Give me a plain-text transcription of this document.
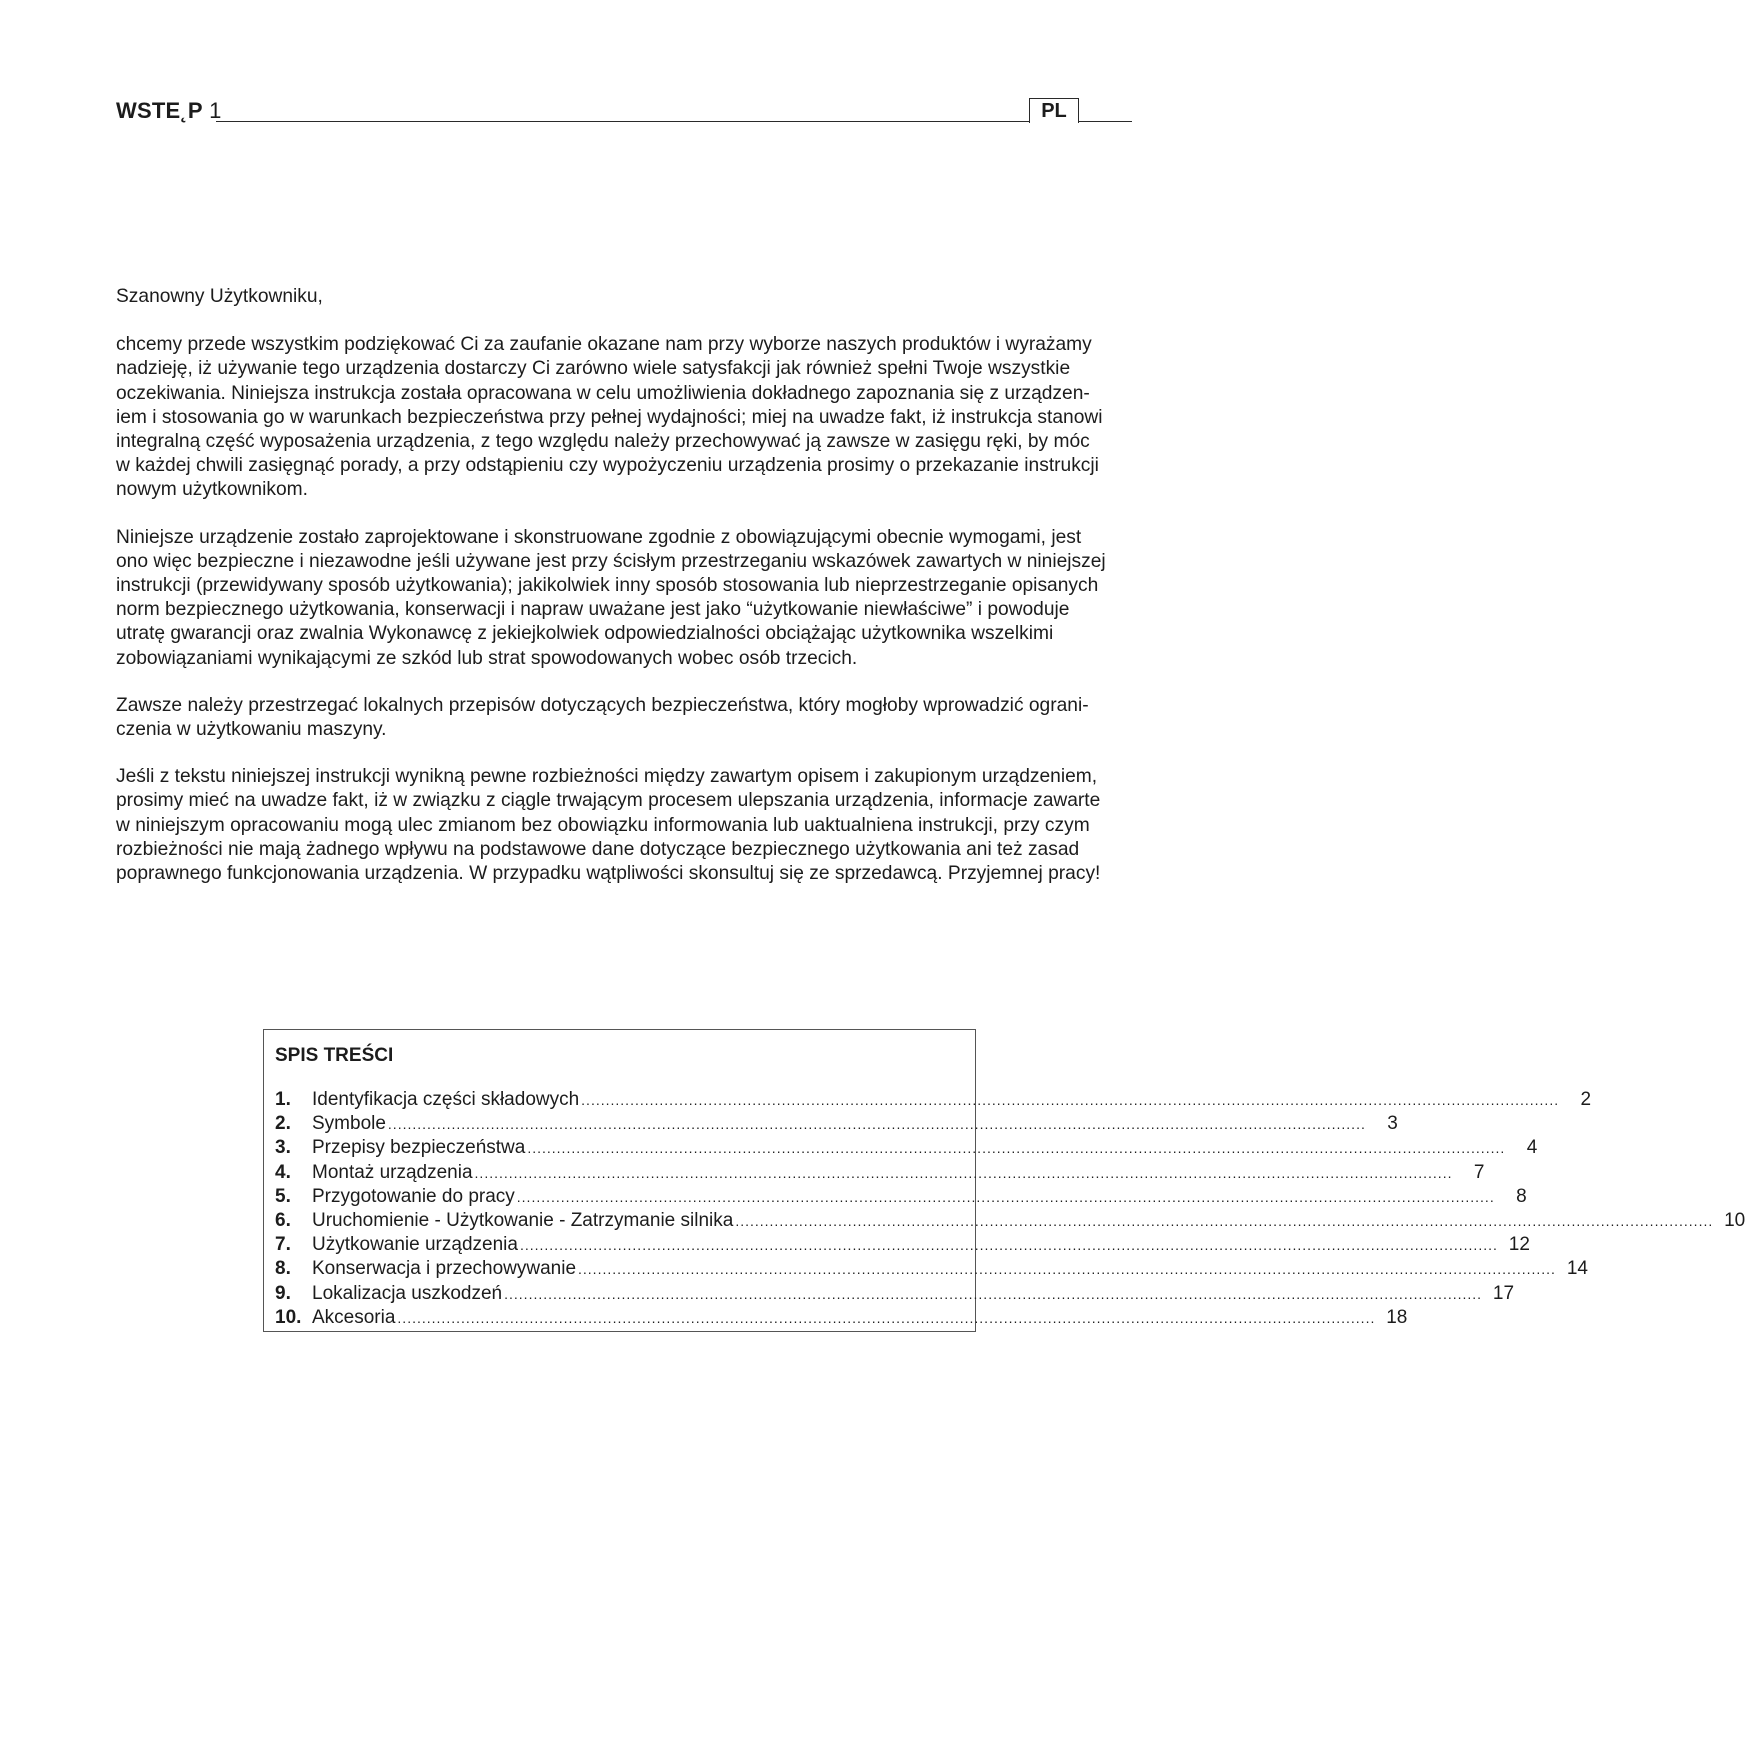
WSTE˛P 1	PL
Szanowny Użytkowniku,
chcemy przede wszystkim podziękować Ci za zaufanie okazane nam przy wyborze naszych produktów i wyrażamy
nadzieję, iż używanie tego urządzenia dostarczy Ci zarówno wiele satysfakcji jak również spełni Twoje wszystkie
oczekiwania. Niniejsza instrukcja została opracowana w celu umożliwienia dokładnego zapoznania się z urządzen-
iem i stosowania go w warunkach bezpieczeństwa przy pełnej wydajności; miej na uwadze fakt, iż instrukcja stanowi
integralną część wyposażenia urządzenia, z tego względu należy przechowywać ją zawsze w zasięgu ręki, by móc
w każdej chwili zasięgnąć porady, a przy odstąpieniu czy wypożyczeniu urządzenia prosimy o przekazanie instrukcji
nowym użytkownikom.
Niniejsze urządzenie zostało zaprojektowane i skonstruowane zgodnie z obowiązującymi obecnie wymogami, jest
ono więc bezpieczne i niezawodne jeśli używane jest przy ścisłym przestrzeganiu wskazówek zawartych w niniejszej
instrukcji (przewidywany sposób użytkowania); jakikolwiek inny sposób stosowania lub nieprzestrzeganie opisanych
norm bezpiecznego użytkowania, konserwacji i napraw uważane jest jako “użytkowanie niewłaściwe” i powoduje
utratę gwarancji oraz zwalnia Wykonawcę z jekiejkolwiek odpowiedzialności obciążając użytkownika wszelkimi
zobowiązaniami wynikającymi ze szkód lub strat spowodowanych wobec osób trzecich.
Zawsze należy przestrzegać lokalnych przepisów dotyczących bezpieczeństwa, który mogłoby wprowadzić ograni-
czenia w użytkowaniu maszyny.
Jeśli z tekstu niniejszej instrukcji wynikną pewne rozbieżności między zawartym opisem i zakupionym urządzeniem,
prosimy mieć na uwadze fakt, iż w związku z ciągle trwającym procesem ulepszania urządzenia, informacje zawarte
w niniejszym opracowaniu mogą ulec zmianom bez obowiązku informowania lub uaktualniena instrukcji, przy czym
rozbieżności nie mają żadnego wpływu na podstawowe dane dotyczące bezpiecznego użytkowania ani też zasad
poprawnego funkcjonowania urządzenia. W przypadku wątpliwości skonsultuj się ze sprzedawcą. Przyjemnej pracy!
SPIS TREŚCI
1.	Identyfikacja części składowych ........................................................................................................................................................................................................	2
2.	Symbole ........................................................................................................................................................................................................	3
3.	Przepisy bezpieczeństwa ........................................................................................................................................................................................................	4
4.	Montaż urządzenia ........................................................................................................................................................................................................	7
5.	Przygotowanie do pracy ........................................................................................................................................................................................................	8
6.	Uruchomienie - Użytkowanie - Zatrzymanie silnika ........................................................................................................................................................................................................ 10
7.	Użytkowanie urządzenia ........................................................................................................................................................................................................ 12
8.	Konserwacja i przechowywanie ........................................................................................................................................................................................................ 14
9.	Lokalizacja uszkodzeń ........................................................................................................................................................................................................ 17
10. Akcesoria ........................................................................................................................................................................................................ 18
